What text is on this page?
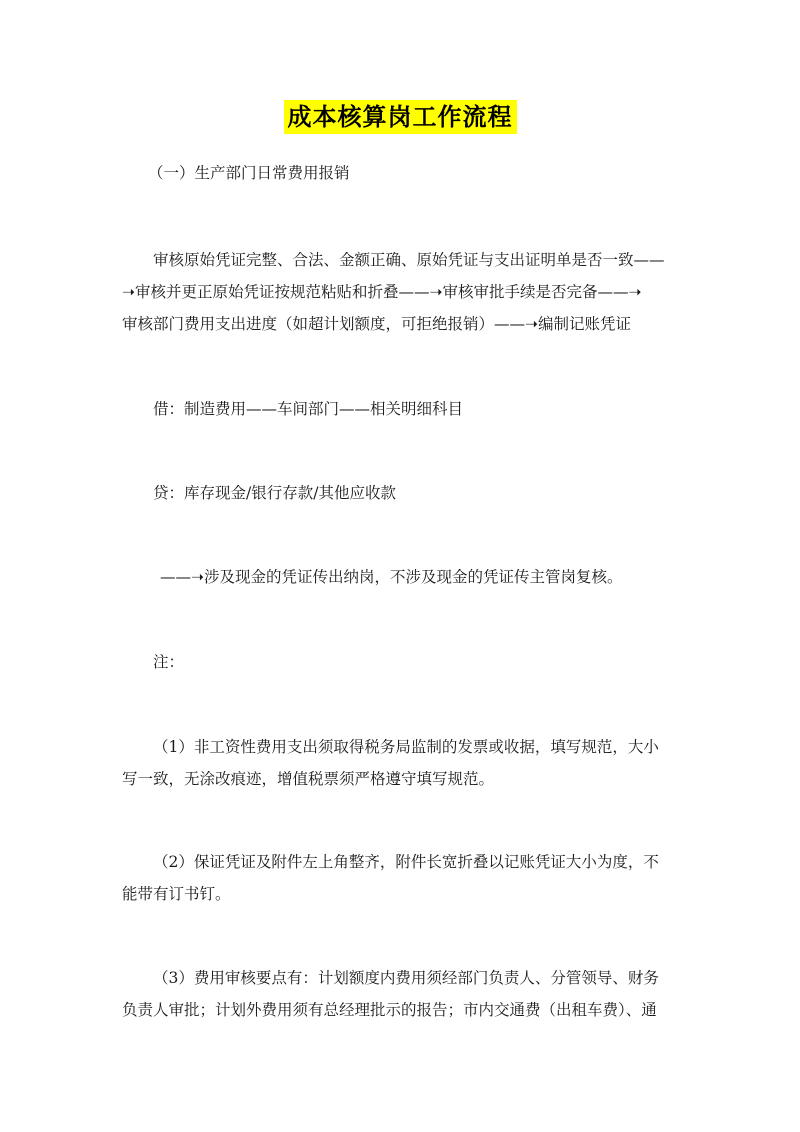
成本核算岗工作流程

（一）生产部门日常费用报销

审核原始凭证完整、合法、金额正确、原始凭证与支出证明单是否一致——
➝审核并更正原始凭证按规范粘贴和折叠——➝审核审批手续是否完备——➝
审核部门费用支出进度（如超计划额度，可拒绝报销）——➝编制记账凭证

借：制造费用——车间部门——相关明细科目

贷：库存现金/银行存款/其他应收款

——➝涉及现金的凭证传出纳岗，不涉及现金的凭证传主管岗复核。

注：

（1）非工资性费用支出须取得税务局监制的发票或收据，填写规范，大小
写一致，无涂改痕迹，增值税票须严格遵守填写规范。
（2）保证凭证及附件左上角整齐，附件长宽折叠以记账凭证大小为度，不
能带有订书钉。
（3）费用审核要点有：计划额度内费用须经部门负责人、分管领导、财务
负责人审批；计划外费用须有总经理批示的报告；市内交通费（出租车费）、通
